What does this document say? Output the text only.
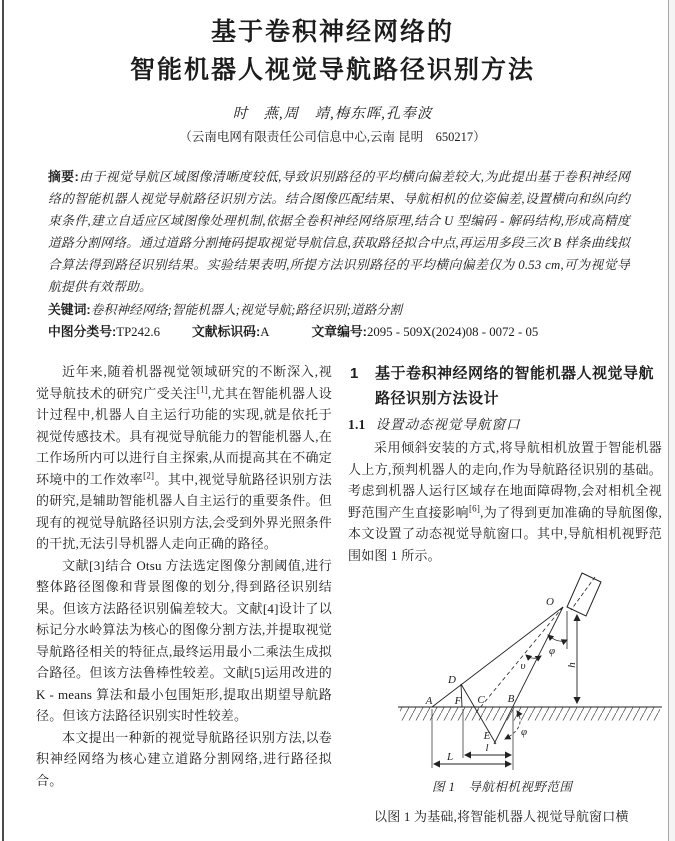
基于卷积神经网络的
智能机器人视觉导航路径识别方法
时　燕,周　靖,梅东晖,孔奉波
（云南电网有限责任公司信息中心,云南 昆明　650217）
摘要:由于视觉导航区域图像清晰度较低,导致识别路径的平均横向偏差较大,为此提出基于卷积神经网络的智能机器人视觉导航路径识别方法。结合图像匹配结果、导航相机的位姿偏差,设置横向和纵向约束条件,建立自适应区域图像处理机制,依据全卷积神经网络原理,结合 U 型编码 - 解码结构,形成高精度道路分割网络。通过道路分割掩码提取视觉导航信息,获取路径拟合中点,再运用多段三次 B 样条曲线拟合算法得到路径识别结果。实验结果表明,所提方法识别路径的平均横向偏差仅为 0.53 cm,可为视觉导航提供有效帮助。
关键词:卷积神经网络;智能机器人;视觉导航;路径识别;道路分割
中图分类号:TP242.6	文献标识码:A	文章编号:2095 - 509X(2024)08 - 0072 - 05

近年来,随着机器视觉领域研究的不断深入,视觉导航技术的研究广受关注[1],尤其在智能机器人设计过程中,机器人自主运行功能的实现,就是依托于视觉传感技术。具有视觉导航能力的智能机器人,在工作场所内可以进行自主探索,从而提高其在不确定环境中的工作效率[2]。其中,视觉导航路径识别方法的研究,是辅助智能机器人自主运行的重要条件。但现有的视觉导航路径识别方法,会受到外界光照条件的干扰,无法引导机器人走向正确的路径。

文献[3]结合 Otsu 方法选定图像分割阈值,进行整体路径图像和背景图像的划分,得到路径识别结果。但该方法路径识别偏差较大。文献[4]设计了以标记分水岭算法为核心的图像分割方法,并提取视觉导航路径相关的特征点,最终运用最小二乘法生成拟合路径。但该方法鲁棒性较差。文献[5]运用改进的 K - means 算法和最小包围矩形,提取出期望导航路径。但该方法路径识别实时性较差。

本文提出一种新的视觉导航路径识别方法,以卷积神经网络为核心建立道路分割网络,进行路径拟合。

1 基于卷积神经网络的智能机器人视觉导航路径识别方法设计
1.1 设置动态视觉导航窗口

采用倾斜安装的方式,将导航相机放置于智能机器人上方,预判机器人的走向,作为导航路径识别的基础。考虑到机器人运行区域存在地面障碍物,会对相机全视野范围产生直接影响[6],为了得到更加准确的导航图像,本文设置了动态视觉导航窗口。其中,导航相机视野范围如图 1 所示。

O
A F C B
D
E
φ
υ
φ
h
L
l
图 1　导航相机视野范围

以图 1 为基础,将智能机器人视觉导航窗口横
